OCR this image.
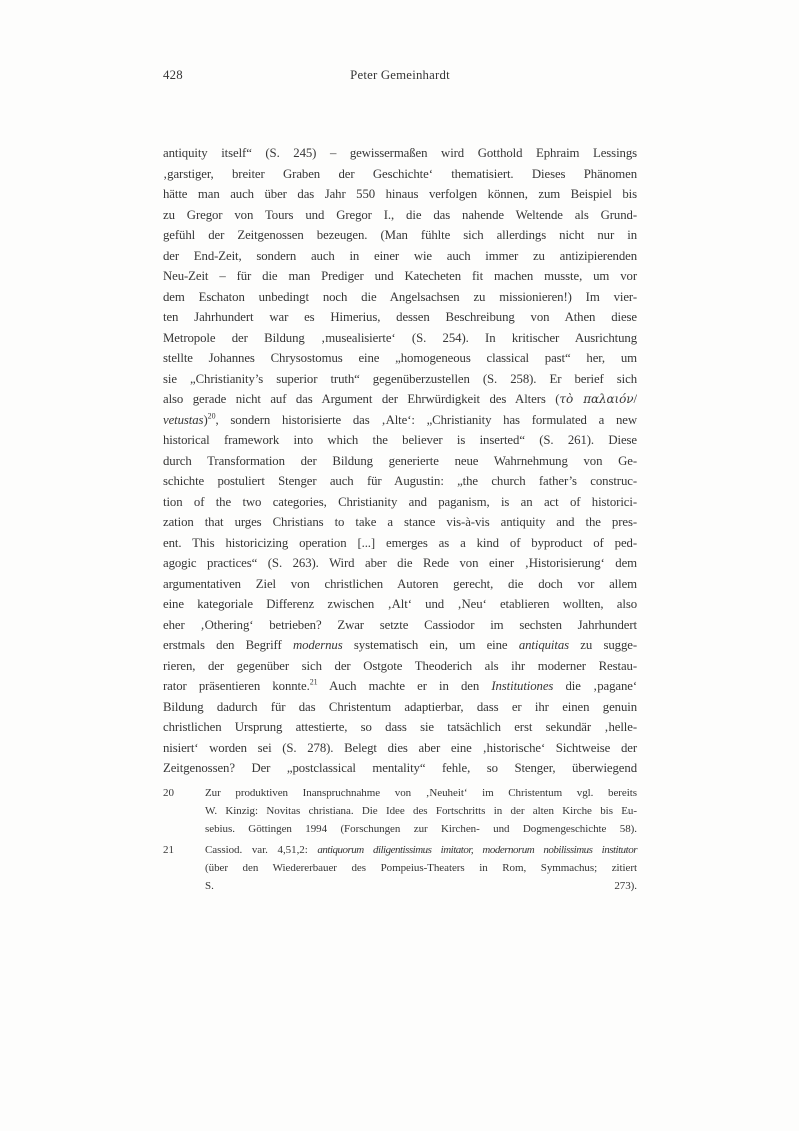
428	Peter Gemeinhardt
antiquity itself“ (S. 245) – gewissermaßen wird Gotthold Ephraim Lessings
‚garstiger, breiter Graben der Geschichte‘ thematisiert. Dieses Phänomen
hätte man auch über das Jahr 550 hinaus verfolgen können, zum Beispiel bis
zu Gregor von Tours und Gregor I., die das nahende Weltende als Grund-
gefühl der Zeitgenossen bezeugen. (Man fühlte sich allerdings nicht nur in
der End-Zeit, sondern auch in einer wie auch immer zu antizipierenden
Neu-Zeit – für die man Prediger und Katecheten fit machen musste, um vor
dem Eschaton unbedingt noch die Angelsachsen zu missionieren!) Im vier-
ten Jahrhundert war es Himerius, dessen Beschreibung von Athen diese
Metropole der Bildung ‚musealisierte‘ (S. 254). In kritischer Ausrichtung
stellte Johannes Chrysostomus eine „homogeneous classical past“ her, um
sie „Christianity’s superior truth“ gegenüberzustellen (S. 258). Er berief sich
also gerade nicht auf das Argument der Ehrwürdigkeit des Alters (τὸ παλαιόν/
vetustas)$^{20}$, sondern historisierte das ‚Alte‘: „Christianity has formulated a new
historical framework into which the believer is inserted“ (S. 261). Diese
durch Transformation der Bildung generierte neue Wahrnehmung von Ge-
schichte postuliert Stenger auch für Augustin: „the church father’s construc-
tion of the two categories, Christianity and paganism, is an act of historici-
zation that urges Christians to take a stance vis-à-vis antiquity and the pres-
ent. This historicizing operation [...] emerges as a kind of byproduct of ped-
agogic practices“ (S. 263). Wird aber die Rede von einer ‚Historisierung‘ dem
argumentativen Ziel von christlichen Autoren gerecht, die doch vor allem
eine kategoriale Differenz zwischen ‚Alt‘ und ‚Neu‘ etablieren wollten, also
eher ‚Othering‘ betrieben? Zwar setzte Cassiodor im sechsten Jahrhundert
erstmals den Begriff modernus systematisch ein, um eine antiquitas zu sugge-
rieren, der gegenüber sich der Ostgote Theoderich als ihr moderner Restau-
rator präsentieren konnte.$^{21}$ Auch machte er in den Institutiones die ‚pagane‘
Bildung dadurch für das Christentum adaptierbar, dass er ihr einen genuin
christlichen Ursprung attestierte, so dass sie tatsächlich erst sekundär ‚helle-
nisiert‘ worden sei (S. 278). Belegt dies aber eine ‚historische‘ Sichtweise der
Zeitgenossen? Der „postclassical mentality“ fehle, so Stenger, überwiegend
20	Zur produktiven Inanspruchnahme von ‚Neuheit‘ im Christentum vgl. bereits
W. Kinzig: Novitas christiana. Die Idee des Fortschritts in der alten Kirche bis Eu-
sebius. Göttingen 1994 (Forschungen zur Kirchen- und Dogmengeschichte 58).
21	Cassiod. var. 4,51,2: antiquorum diligentissimus imitator, modernorum nobilissimus institutor
(über den Wiedererbauer des Pompeius-Theaters in Rom, Symmachus; zitiert
S. 273).
